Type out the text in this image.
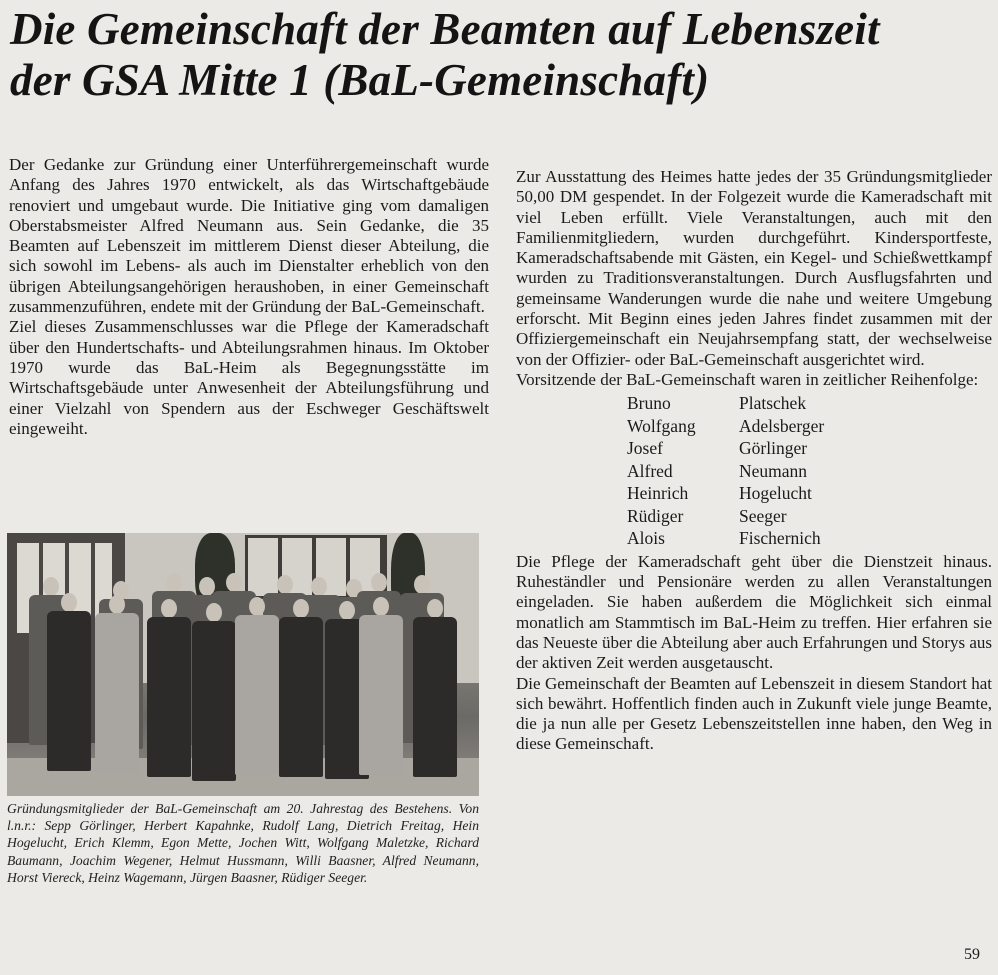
Die Gemeinschaft der Beamten auf Lebenszeit
der GSA Mitte 1 (BaL-Gemeinschaft)

Der Gedanke zur Gründung einer Unterführergemeinschaft wurde Anfang des Jahres 1970 entwickelt, als das Wirtschaftgebäude renoviert und umgebaut wurde. Die Initiative ging vom damaligen Oberstabsmeister Alfred Neumann aus. Sein Gedanke, die 35 Beamten auf Lebenszeit im mittlerem Dienst dieser Abteilung, die sich sowohl im Lebens- als auch im Dienstalter erheblich von den übrigen Abteilungsangehörigen heraushoben, in einer Gemeinschaft zusammenzuführen, endete mit der Gründung der BaL-Gemeinschaft.

Ziel dieses Zusammenschlusses war die Pflege der Kameradschaft über den Hundertschafts- und Abteilungsrahmen hinaus. Im Oktober 1970 wurde das BaL-Heim als Begegnungsstätte im Wirtschaftsgebäude unter Anwesenheit der Abteilungsführung und einer Vielzahl von Spendern aus der Eschweger Geschäftswelt eingeweiht.

Gründungsmitglieder der BaL-Gemeinschaft am 20. Jahrestag des Bestehens. Von l.n.r.: Sepp Görlinger, Herbert Kapahnke, Rudolf Lang, Dietrich Freitag, Hein Hogelucht, Erich Klemm, Egon Mette, Jochen Witt, Wolfgang Maletzke, Richard Baumann, Joachim Wegener, Helmut Hussmann, Willi Baasner, Alfred Neumann, Horst Viereck, Heinz Wagemann, Jürgen Baasner, Rüdiger Seeger.

Zur Ausstattung des Heimes hatte jedes der 35 Gründungsmitglieder 50,00 DM gespendet. In der Folgezeit wurde die Kameradschaft mit viel Leben erfüllt. Viele Veranstaltungen, auch mit den Familienmitgliedern, wurden durchgeführt. Kindersportfeste, Kameradschaftsabende mit Gästen, ein Kegel- und Schießwettkampf wurden zu Traditionsveranstaltungen. Durch Ausflugsfahrten und gemeinsame Wanderungen wurde die nahe und weitere Umgebung erforscht. Mit Beginn eines jeden Jahres findet zusammen mit der Offiziergemeinschaft ein Neujahrsempfang statt, der wechselweise von der Offizier- oder BaL-Gemeinschaft ausgerichtet wird.

Vorsitzende der BaL-Gemeinschaft waren in zeitlicher Reihenfolge:

Bruno	Platschek
Wolfgang	Adelsberger
Josef	Görlinger
Alfred	Neumann
Heinrich	Hogelucht
Rüdiger	Seeger
Alois	Fischernich

Die Pflege der Kameradschaft geht über die Dienstzeit hinaus. Ruheständler und Pensionäre werden zu allen Veranstaltungen eingeladen. Sie haben außerdem die Möglichkeit sich einmal monatlich am Stammtisch im BaL-Heim zu treffen. Hier erfahren sie das Neueste über die Abteilung aber auch Erfahrungen und Storys aus der aktiven Zeit werden ausgetauscht.

Die Gemeinschaft der Beamten auf Lebenszeit in diesem Standort hat sich bewährt. Hoffentlich finden auch in Zukunft viele junge Beamte, die ja nun alle per Gesetz Lebenszeitstellen inne haben, den Weg in diese Gemeinschaft.

59
